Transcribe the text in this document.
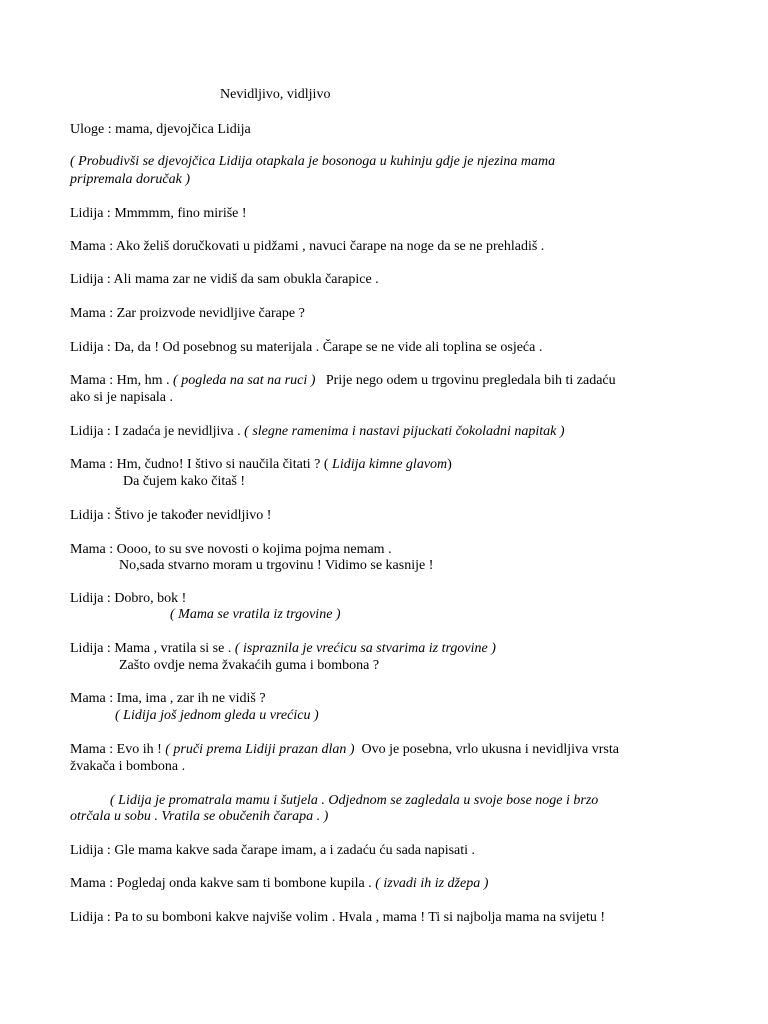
Nevidljivo, vidljivo
Uloge : mama, djevojčica Lidija
( Probudivši se djevojčica Lidija otapkala je bosonoga u kuhinju gdje je njezina mama
pripremala doručak )
Lidija : Mmmmm, fino miriše !
Mama : Ako želiš doručkovati u pidžami , navuci čarape na noge da se ne prehladiš .
Lidija : Ali mama zar ne vidiš da sam obukla čarapice .
Mama : Zar proizvode nevidljive čarape ?
Lidija : Da, da ! Od posebnog su materijala . Čarape se ne vide ali toplina se osjeća .
Mama : Hm, hm . ( pogleda na sat na ruci ) Prije nego odem u trgovinu pregledala bih ti zadaću
ako si je napisala .
Lidija : I zadaća je nevidljiva . ( slegne ramenima i nastavi pijuckati čokoladni napitak )
Mama : Hm, čudno! I štivo si naučila čitati ? ( Lidija kimne glavom)
Da čujem kako čitaš !
Lidija : Štivo je također nevidljivo !
Mama : Oooo, to su sve novosti o kojima pojma nemam .
No,sada stvarno moram u trgovinu ! Vidimo se kasnije !
Lidija : Dobro, bok !
( Mama se vratila iz trgovine )
Lidija : Mama , vratila si se . ( ispraznila je vrećicu sa stvarima iz trgovine )
Zašto ovdje nema žvakaćih guma i bombona ?
Mama : Ima, ima , zar ih ne vidiš ?
( Lidija još jednom gleda u vrećicu )
Mama : Evo ih ! ( pruči prema Lidiji prazan dlan ) Ovo je posebna, vrlo ukusna i nevidljiva vrsta
žvakača i bombona .
( Lidija je promatrala mamu i šutjela . Odjednom se zagledala u svoje bose noge i brzo
otrčala u sobu . Vratila se obučenih čarapa . )
Lidija : Gle mama kakve sada čarape imam, a i zadaću ću sada napisati .
Mama : Pogledaj onda kakve sam ti bombone kupila . ( izvadi ih iz džepa )
Lidija : Pa to su bomboni kakve najviše volim . Hvala , mama ! Ti si najbolja mama na svijetu !
